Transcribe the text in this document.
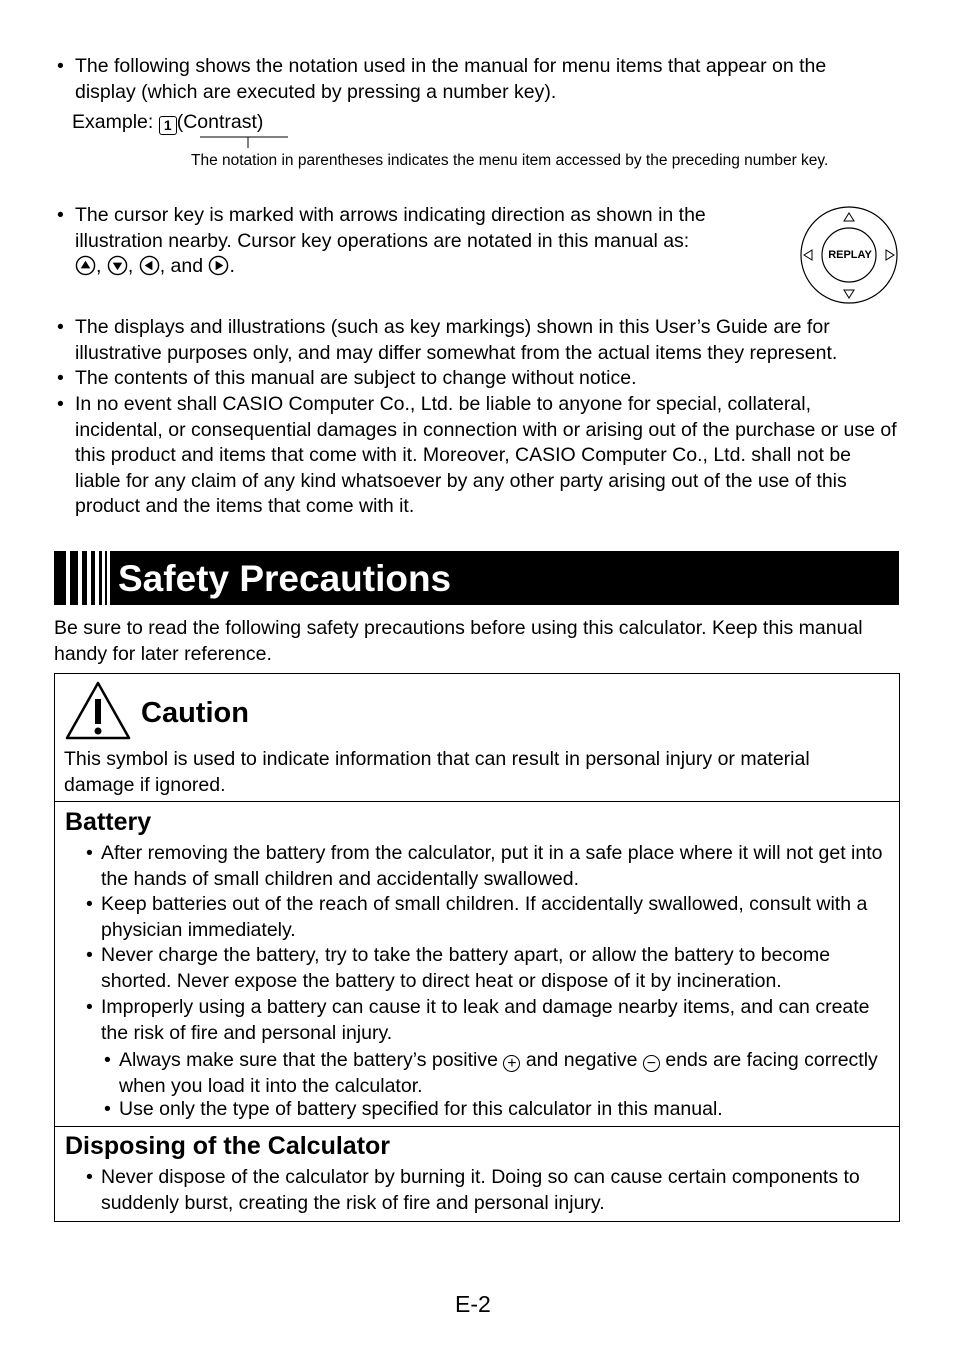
• The following shows the notation used in the manual for menu items that appear on the display (which are executed by pressing a number key).
Example: 1 (Contrast)
The notation in parentheses indicates the menu item accessed by the preceding number key.
• The cursor key is marked with arrows indicating direction as shown in the illustration nearby. Cursor key operations are notated in this manual as:
, , , and .
REPLAY
• The displays and illustrations (such as key markings) shown in this User’s Guide are for illustrative purposes only, and may differ somewhat from the actual items they represent.
• The contents of this manual are subject to change without notice.
• In no event shall CASIO Computer Co., Ltd. be liable to anyone for special, collateral, incidental, or consequential damages in connection with or arising out of the purchase or use of this product and items that come with it. Moreover, CASIO Computer Co., Ltd. shall not be liable for any claim of any kind whatsoever by any other party arising out of the use of this product and the items that come with it.
Safety Precautions
Be sure to read the following safety precautions before using this calculator. Keep this manual handy for later reference.
Caution
This symbol is used to indicate information that can result in personal injury or material damage if ignored.
Battery
• After removing the battery from the calculator, put it in a safe place where it will not get into the hands of small children and accidentally swallowed.
• Keep batteries out of the reach of small children. If accidentally swallowed, consult with a physician immediately.
• Never charge the battery, try to take the battery apart, or allow the battery to become shorted. Never expose the battery to direct heat or dispose of it by incineration.
• Improperly using a battery can cause it to leak and damage nearby items, and can create the risk of fire and personal injury.
• Always make sure that the battery’s positive + and negative − ends are facing correctly when you load it into the calculator.
• Use only the type of battery specified for this calculator in this manual.
Disposing of the Calculator
• Never dispose of the calculator by burning it. Doing so can cause certain components to suddenly burst, creating the risk of fire and personal injury.
E-2
